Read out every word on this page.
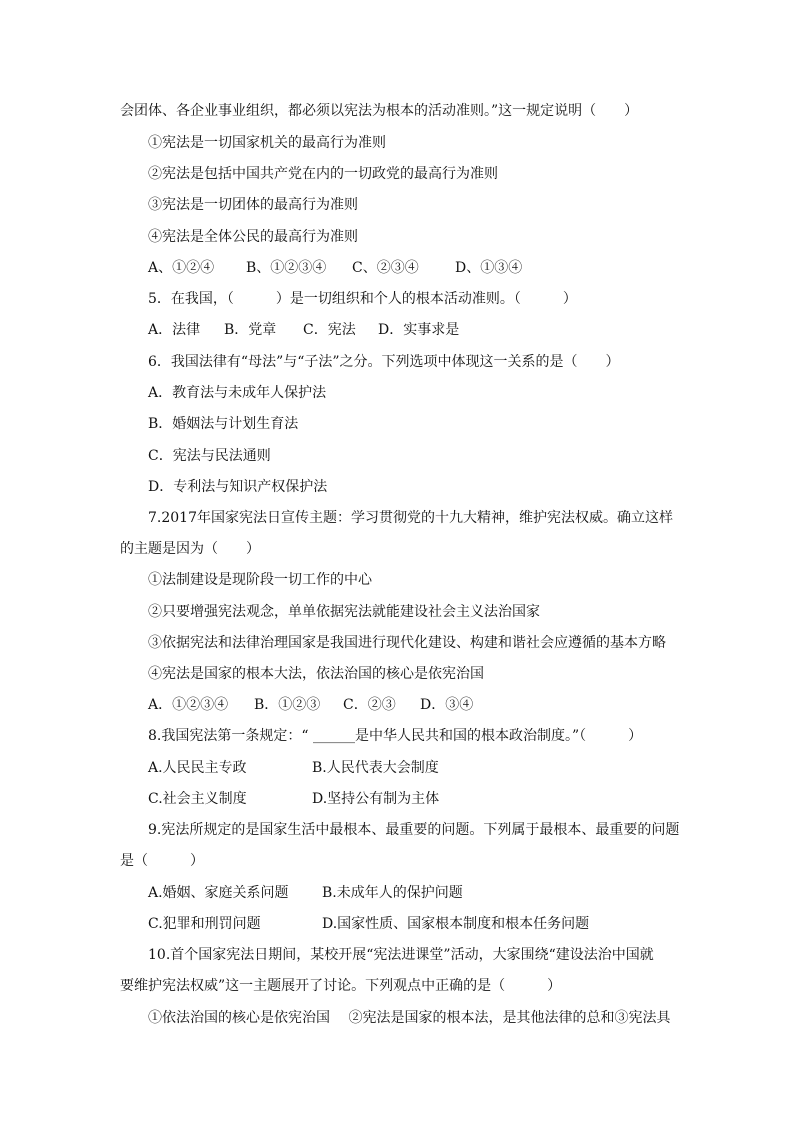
会团体、各企业事业组织，都必须以宪法为根本的活动准则。”这一规定说明（　　）
①宪法是一切国家机关的最高行为准则
②宪法是包括中国共产党在内的一切政党的最高行为准则
③宪法是一切团体的最高行为准则
④宪法是全体公民的最高行为准则
A、①②④ B、①②③④ C、②③④	D、①③④
5．在我国，（　　　）是一切组织和个人的根本活动准则。（　　　）
A．法律 B．党章 C．宪法 D．实事求是
6．我国法律有“母法”与“子法”之分。下列选项中体现这一关系的是（　　）
A．教育法与未成年人保护法
B．婚姻法与计划生育法
C．宪法与民法通则
D．专利法与知识产权保护法
7.2017年国家宪法日宣传主题：学习贯彻党的十九大精神，维护宪法权威。确立这样
的主题是因为（　　）
①法制建设是现阶段一切工作的中心
②只要增强宪法观念，单单依据宪法就能建设社会主义法治国家
③依据宪法和法律治理国家是我国进行现代化建设、构建和谐社会应遵循的基本方略
④宪法是国家的根本大法，依法治国的核心是依宪治国
A．①②③④ B．①②③ C．②③ D．③④
8.我国宪法第一条规定：“ ______是中华人民共和国的根本政治制度。”（　　　）
A.人民民主专政	B.人民代表大会制度
C.社会主义制度	D.坚持公有制为主体
9.宪法所规定的是国家生活中最根本、最重要的问题。下列属于最根本、最重要的问题
是（　　　）
A.婚姻、家庭关系问题 B.未成年人的保护问题
C.犯罪和刑罚问题	D.国家性质、国家根本制度和根本任务问题
10.首个国家宪法日期间，某校开展“宪法进课堂”活动，大家围绕“建设法治中国就
要维护宪法权威”这一主题展开了讨论。下列观点中正确的是（　　　）
①依法治国的核心是依宪治国　 ②宪法是国家的根本法，是其他法律的总和③宪法具
